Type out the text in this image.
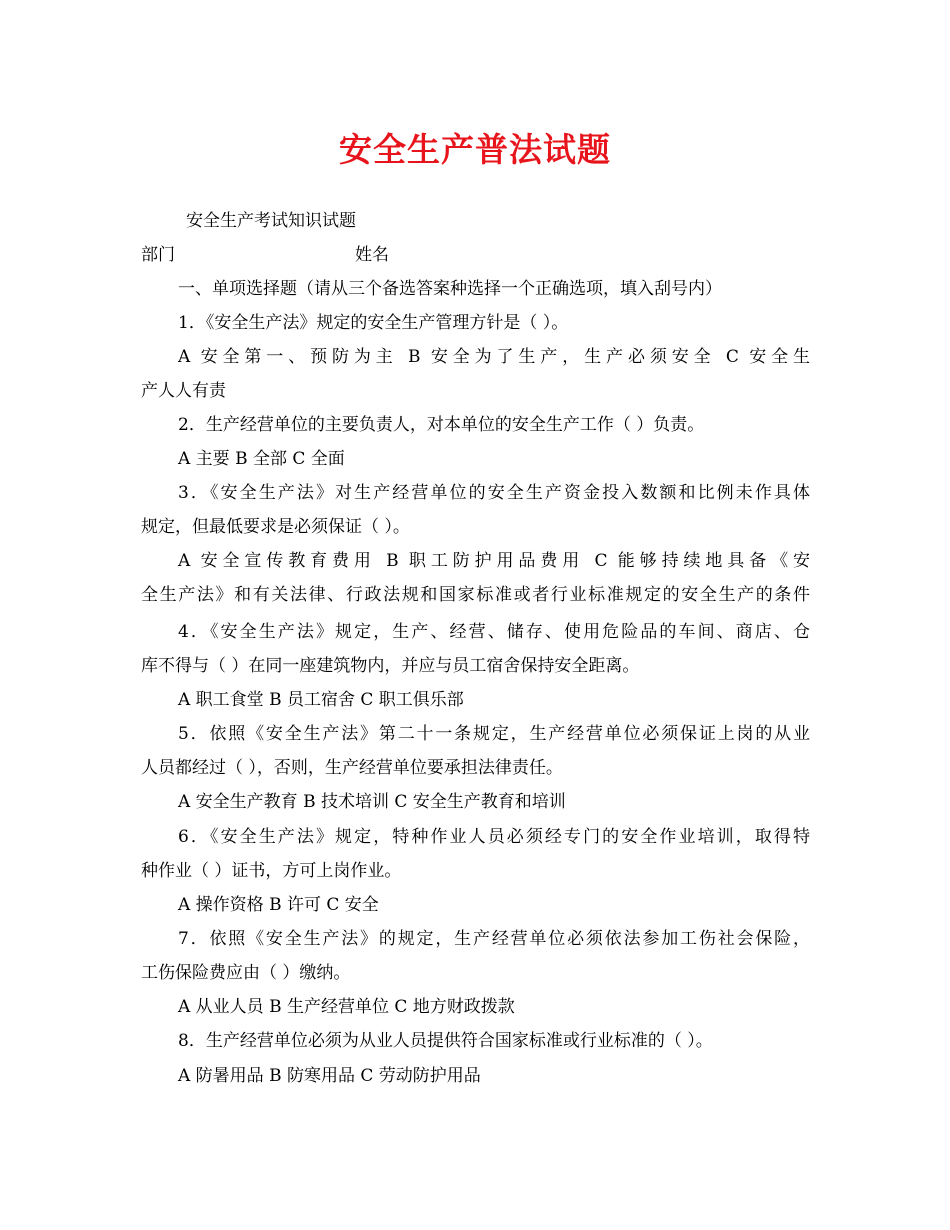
安全生产普法试题
安全生产考试知识试题
部门	姓名
一、单项选择题（请从三个备选答案种选择一个正确选项，填入刮号内）
1．《安全生产法》规定的安全生产管理方针是（ ）。
A 安全第一、预防为主 B 安全为了生产，生产必须安全 C 安全生
产人人有责
2．生产经营单位的主要负责人，对本单位的安全生产工作（ ）负责。
A 主要 B 全部 C 全面
3．《安全生产法》对生产经营单位的安全生产资金投入数额和比例未作具体
规定，但最低要求是必须保证（ ）。
A 安全宣传教育费用 B 职工防护用品费用 C 能够持续地具备《安
全生产法》和有关法律、行政法规和国家标准或者行业标准规定的安全生产的条件
4．《安全生产法》规定，生产、经营、储存、使用危险品的车间、商店、仓
库不得与（ ）在同一座建筑物内，并应与员工宿舍保持安全距离。
A 职工食堂 B 员工宿舍 C 职工俱乐部
5．依照《安全生产法》第二十一条规定，生产经营单位必须保证上岗的从业
人员都经过（ ），否则，生产经营单位要承担法律责任。
A 安全生产教育 B 技术培训 C 安全生产教育和培训
6．《安全生产法》规定，特种作业人员必须经专门的安全作业培训，取得特
种作业（ ）证书，方可上岗作业。
A 操作资格 B 许可 C 安全
7．依照《安全生产法》的规定，生产经营单位必须依法参加工伤社会保险，
工伤保险费应由（ ）缴纳。
A 从业人员 B 生产经营单位 C 地方财政拨款
8．生产经营单位必须为从业人员提供符合国家标准或行业标准的（ ）。
A 防暑用品 B 防寒用品 C 劳动防护用品
